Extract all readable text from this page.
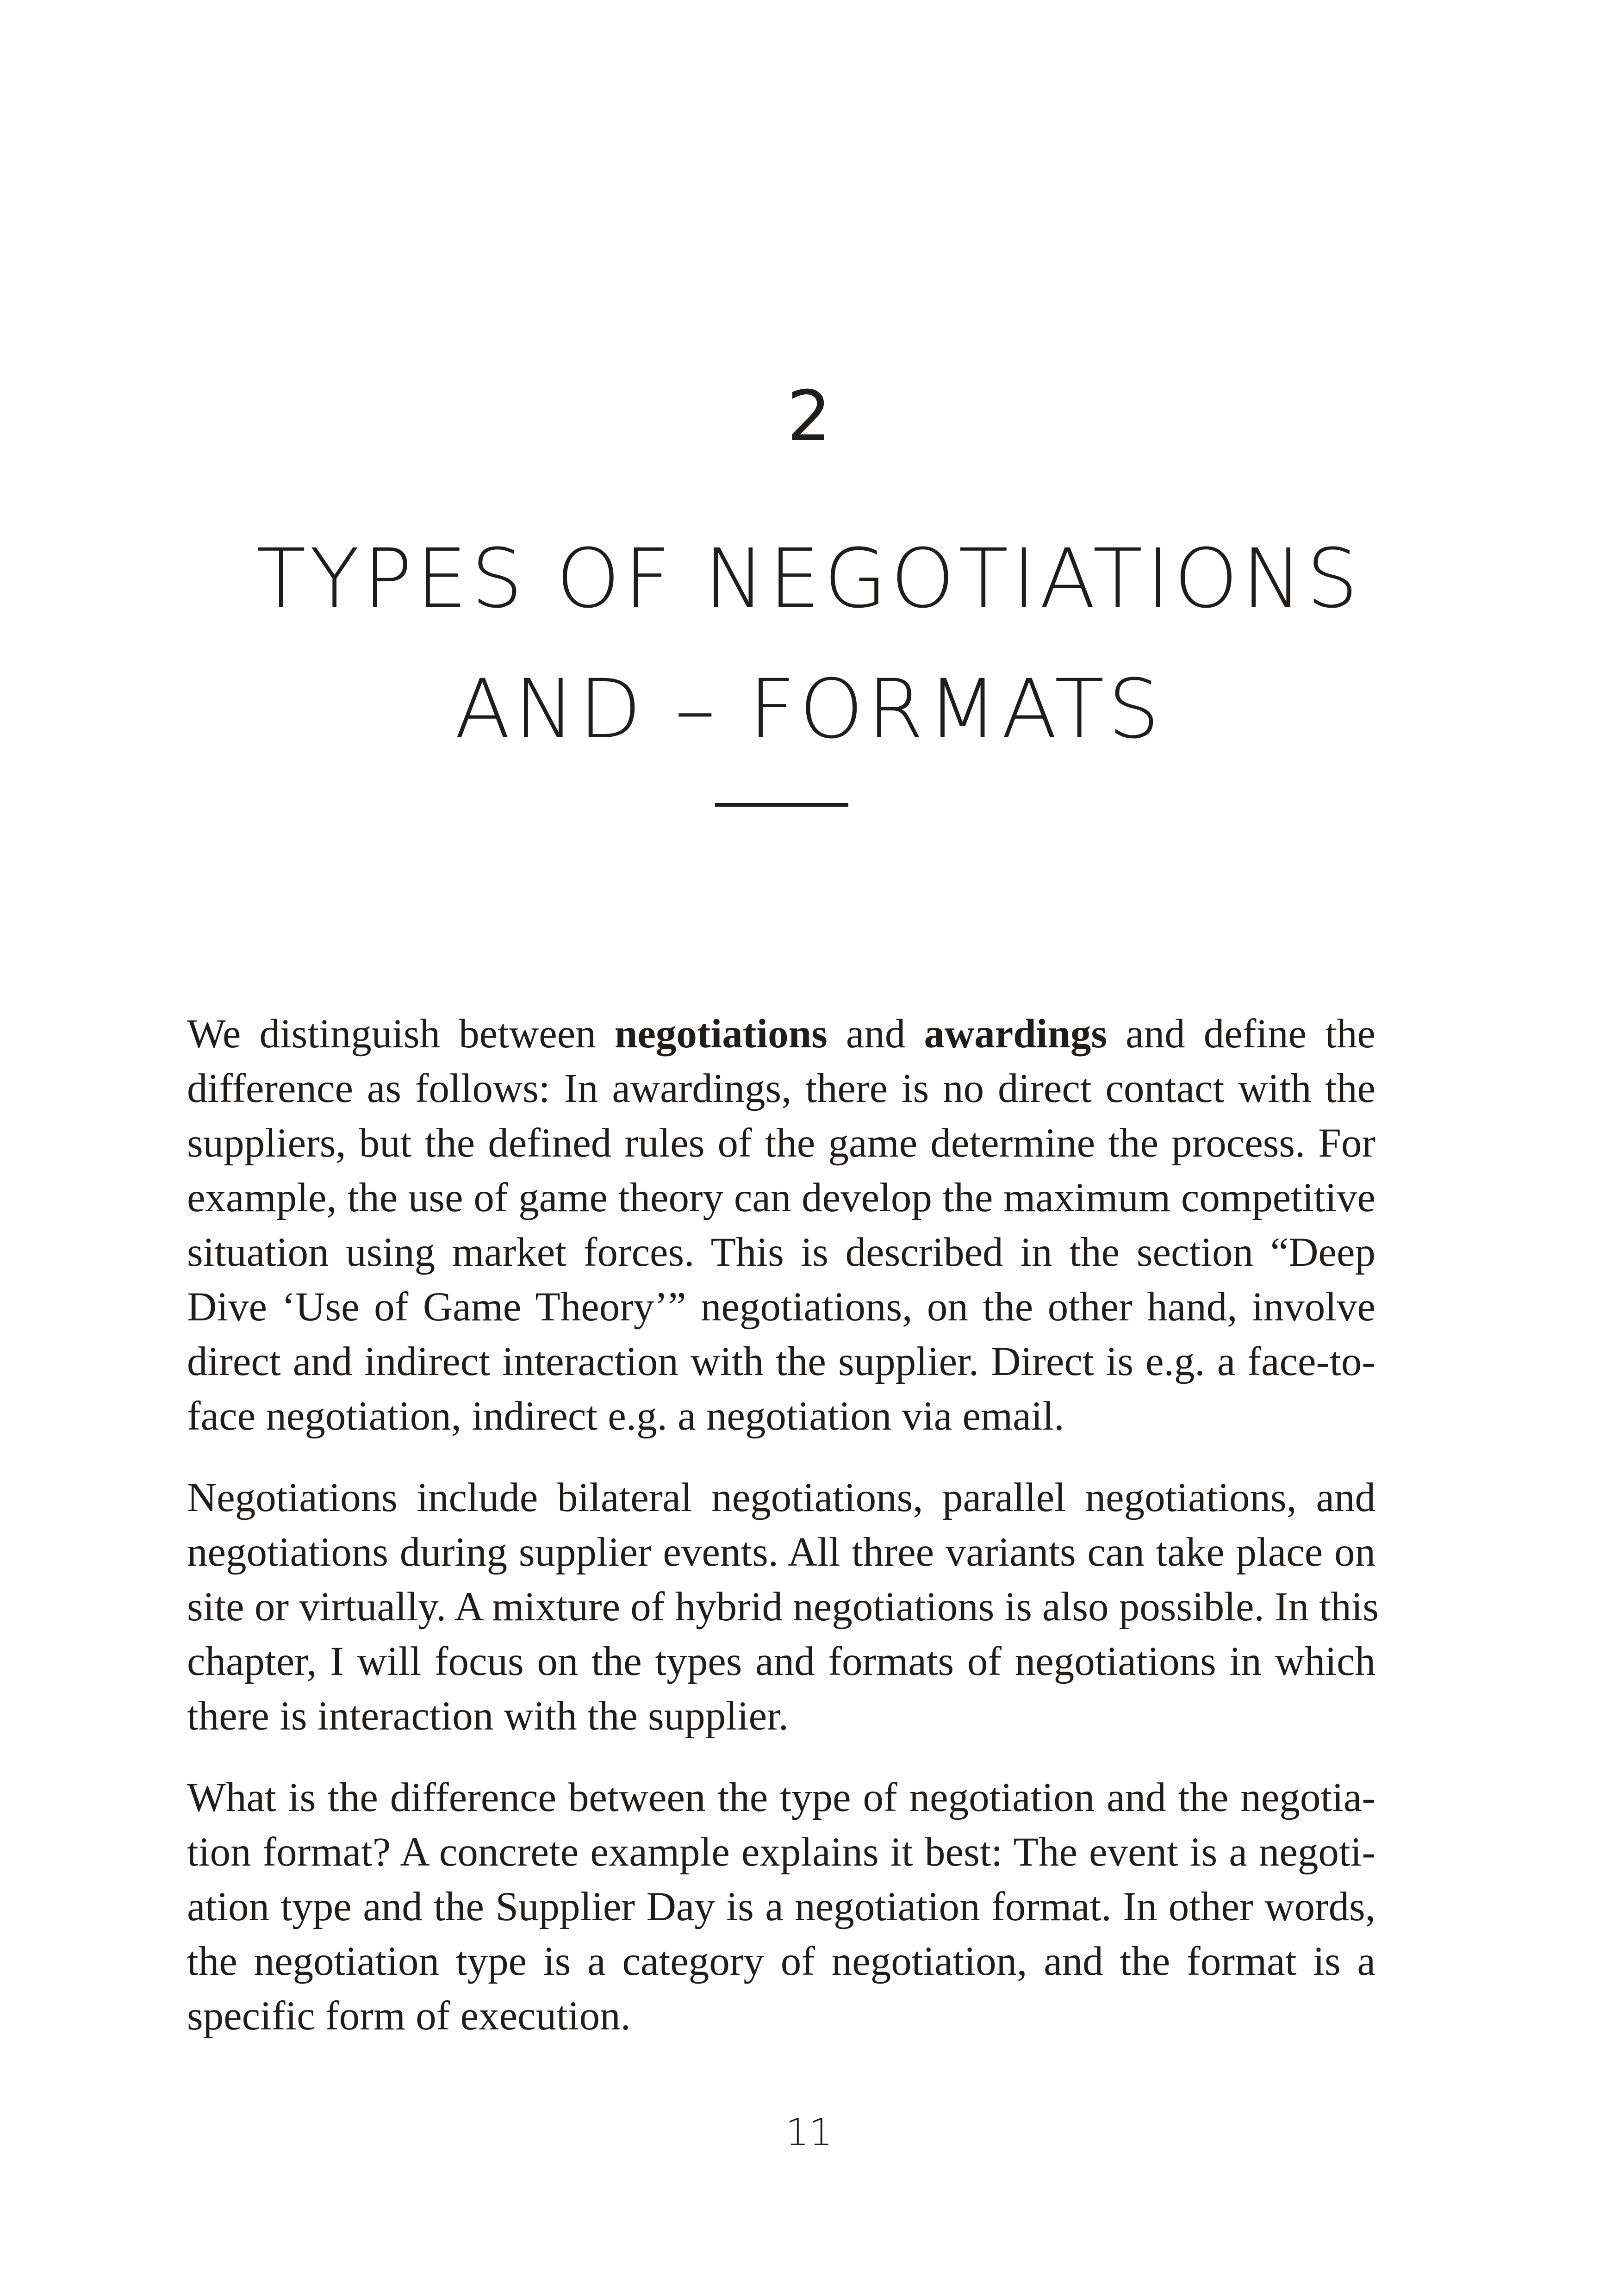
2
TYPES OF NEGOTIATIONS
AND – FORMATS

We distinguish between negotiations and awardings and define the
difference as follows: In awardings, there is no direct contact with the
suppliers, but the defined rules of the game determine the process. For
example, the use of game theory can develop the maximum competitive
situation using market forces. This is described in the section “Deep
Dive ‘Use of Game Theory’” negotiations, on the other hand, involve
direct and indirect interaction with the supplier. Direct is e.g. a face-to-
face negotiation, indirect e.g. a negotiation via email.

Negotiations include bilateral negotiations, parallel negotiations, and
negotiations during supplier events. All three variants can take place on
site or virtually. A mixture of hybrid negotiations is also possible. In this
chapter, I will focus on the types and formats of negotiations in which
there is interaction with the supplier.

What is the difference between the type of negotiation and the negotia-
tion format? A concrete example explains it best: The event is a negoti-
ation type and the Supplier Day is a negotiation format. In other words,
the negotiation type is a category of negotiation, and the format is a
specific form of execution.

11
